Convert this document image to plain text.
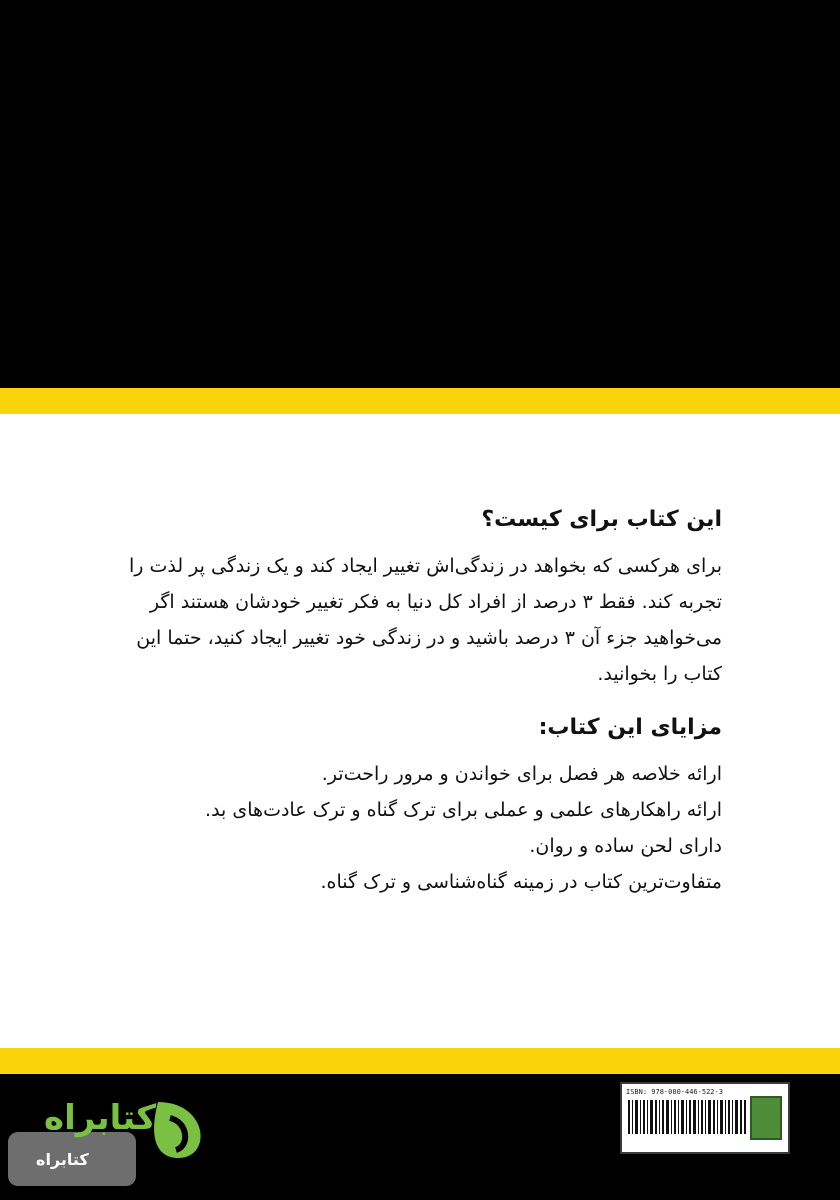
این کتاب برای کیست؟

برای هرکسی که بخواهد در زندگی‌اش تغییر ایجاد کند و یک زندگی پر لذت را تجربه کند. فقط ۳ درصد از افراد کل دنیا به فکر تغییر خودشان هستند اگر می‌خواهید جزء آن ۳ درصد باشید و در زندگی خود تغییر ایجاد کنید، حتما این کتاب را بخوانید.

مزایای این کتاب:
ارائه خلاصه هر فصل برای خواندن و مرور راحت‌تر.
ارائه راهکارهای علمی و عملی برای ترک گناه و ترک عادت‌های بد.
دارای لحن ساده و روان.
متفاوت‌ترین کتاب در زمینه گناه‌شناسی و ترک گناه.
کتابراه
کتابراه
ISBN: 978-080-446-522-3
